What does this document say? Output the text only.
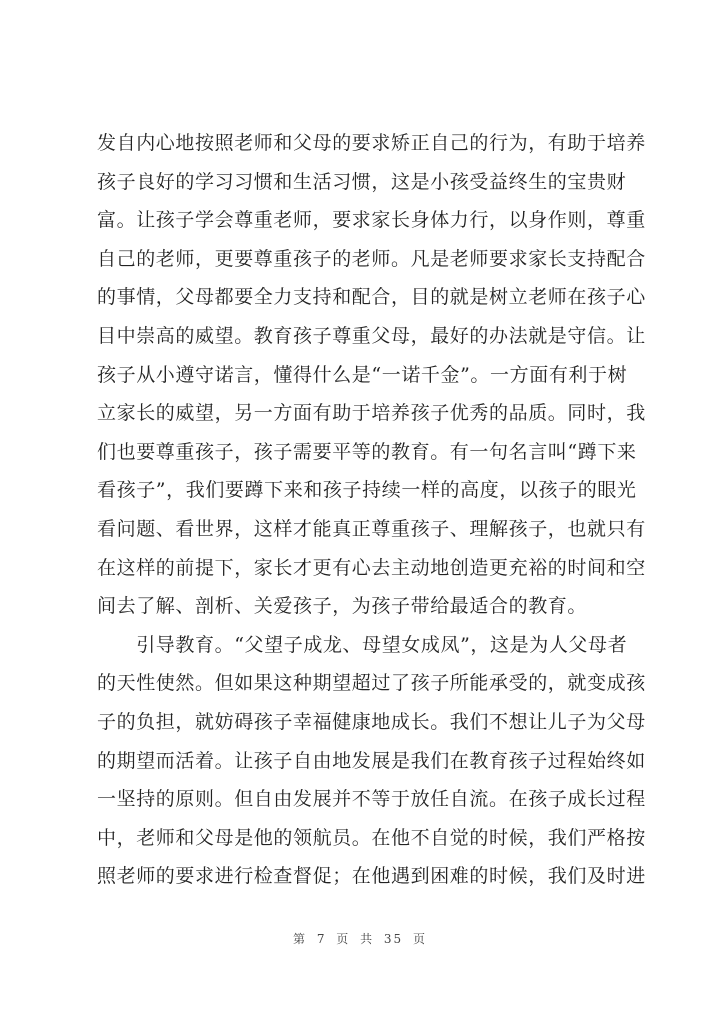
发自内心地按照老师和父母的要求矫正自己的行为，有助于培养
孩子良好的学习习惯和生活习惯，这是小孩受益终生的宝贵财
富。让孩子学会尊重老师，要求家长身体力行，以身作则，尊重
自己的老师，更要尊重孩子的老师。凡是老师要求家长支持配合
的事情，父母都要全力支持和配合，目的就是树立老师在孩子心
目中崇高的威望。教育孩子尊重父母，最好的办法就是守信。让
孩子从小遵守诺言，懂得什么是“一诺千金”。一方面有利于树
立家长的威望，另一方面有助于培养孩子优秀的品质。同时，我
们也要尊重孩子，孩子需要平等的教育。有一句名言叫“蹲下来
看孩子”，我们要蹲下来和孩子持续一样的高度，以孩子的眼光
看问题、看世界，这样才能真正尊重孩子、理解孩子，也就只有
在这样的前提下，家长才更有心去主动地创造更充裕的时间和空
间去了解、剖析、关爱孩子，为孩子带给最适合的教育。
　　引导教育。“父望子成龙、母望女成凤”，这是为人父母者
的天性使然。但如果这种期望超过了孩子所能承受的，就变成孩
子的负担，就妨碍孩子幸福健康地成长。我们不想让儿子为父母
的期望而活着。让孩子自由地发展是我们在教育孩子过程始终如
一坚持的原则。但自由发展并不等于放任自流。在孩子成长过程
中，老师和父母是他的领航员。在他不自觉的时候，我们严格按
照老师的要求进行检查督促；在他遇到困难的时候，我们及时进
第 7 页 共 35 页
